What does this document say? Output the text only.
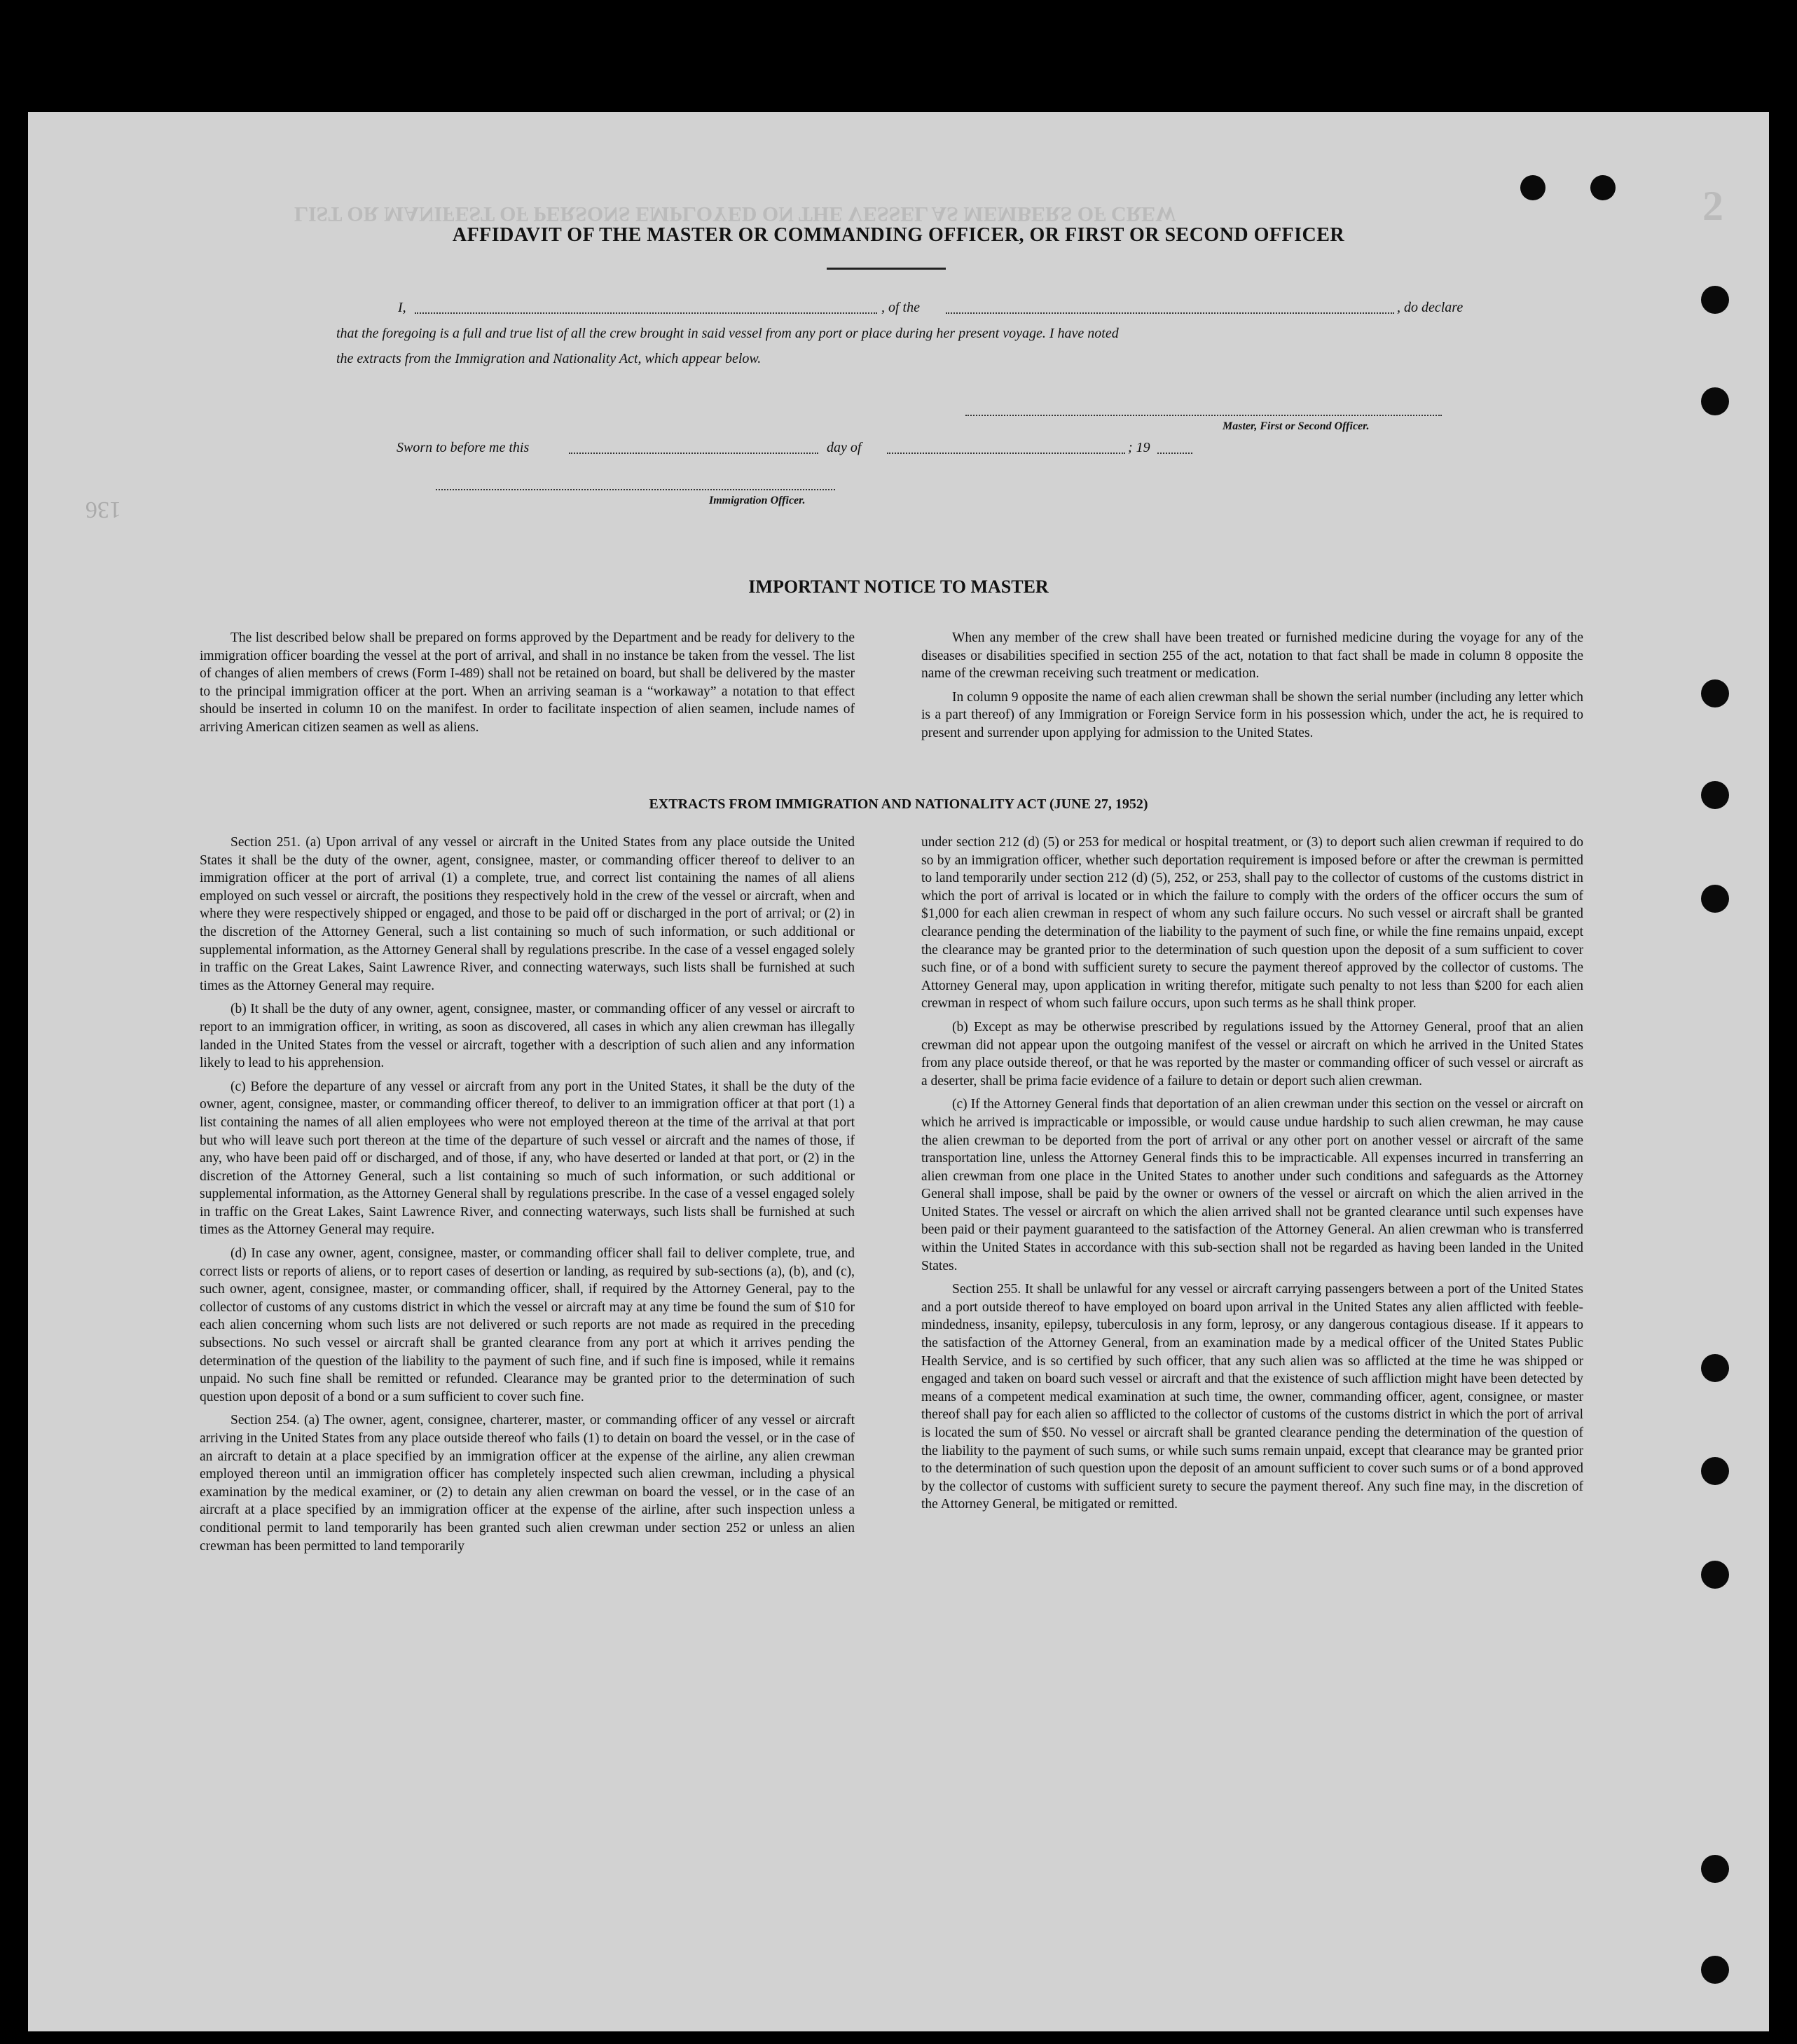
LIST OR MANIFEST OF PERSONS EMPLOYED ON THE VESSEL AS MEMBERS OF CREW	2
136
AFFIDAVIT OF THE MASTER OR COMMANDING OFFICER, OR FIRST OR SECOND OFFICER
I,	, of the	, do declare
that the foregoing is a full and true list of all the crew brought in said vessel from any port or place during her present voyage. I have noted
the extracts from the Immigration and Nationality Act, which appear below.
Master, First or Second Officer.
Sworn to before me this	day of	; 19
Immigration Officer.
IMPORTANT NOTICE TO MASTER

The list described below shall be prepared on forms approved by the Department and be ready for delivery to the immigration officer boarding the vessel at the port of arrival, and shall in no instance be taken from the vessel. The list of changes of alien members of crews (Form I-489) shall not be retained on board, but shall be delivered by the master to the principal immigration officer at the port. When an arriving seaman is a “workaway” a notation to that effect should be inserted in column 10 on the manifest. In order to facilitate inspection of alien seamen, include names of arriving American citizen seamen as well as aliens.

When any member of the crew shall have been treated or furnished medicine during the voyage for any of the diseases or disabilities specified in section 255 of the act, notation to that fact shall be made in column 8 opposite the name of the crewman receiving such treatment or medication.

In column 9 opposite the name of each alien crewman shall be shown the serial number (including any letter which is a part thereof) of any Immigration or Foreign Service form in his possession which, under the act, he is required to present and surrender upon applying for admission to the United States.

EXTRACTS FROM IMMIGRATION AND NATIONALITY ACT (JUNE 27, 1952)

Section 251. (a) Upon arrival of any vessel or aircraft in the United States from any place outside the United States it shall be the duty of the owner, agent, consignee, master, or commanding officer thereof to deliver to an immigration officer at the port of arrival (1) a complete, true, and correct list containing the names of all aliens employed on such vessel or aircraft, the positions they respectively hold in the crew of the vessel or aircraft, when and where they were respectively shipped or engaged, and those to be paid off or discharged in the port of arrival; or (2) in the discretion of the Attorney General, such a list containing so much of such information, or such additional or supplemental information, as the Attorney General shall by regulations prescribe. In the case of a vessel engaged solely in traffic on the Great Lakes, Saint Lawrence River, and connecting waterways, such lists shall be furnished at such times as the Attorney General may require.

(b) It shall be the duty of any owner, agent, consignee, master, or commanding officer of any vessel or aircraft to report to an immigration officer, in writing, as soon as discovered, all cases in which any alien crewman has illegally landed in the United States from the vessel or aircraft, together with a description of such alien and any information likely to lead to his apprehension.

(c) Before the departure of any vessel or aircraft from any port in the United States, it shall be the duty of the owner, agent, consignee, master, or commanding officer thereof, to deliver to an immigration officer at that port (1) a list containing the names of all alien employees who were not employed thereon at the time of the arrival at that port but who will leave such port thereon at the time of the departure of such vessel or aircraft and the names of those, if any, who have been paid off or discharged, and of those, if any, who have deserted or landed at that port, or (2) in the discretion of the Attorney General, such a list containing so much of such information, or such additional or supplemental information, as the Attorney General shall by regulations prescribe. In the case of a vessel engaged solely in traffic on the Great Lakes, Saint Lawrence River, and connecting waterways, such lists shall be furnished at such times as the Attorney General may require.

(d) In case any owner, agent, consignee, master, or commanding officer shall fail to deliver complete, true, and correct lists or reports of aliens, or to report cases of desertion or landing, as required by sub-sections (a), (b), and (c), such owner, agent, consignee, master, or commanding officer, shall, if required by the Attorney General, pay to the collector of customs of any customs district in which the vessel or aircraft may at any time be found the sum of $10 for each alien concerning whom such lists are not delivered or such reports are not made as required in the preceding subsections. No such vessel or aircraft shall be granted clearance from any port at which it arrives pending the determination of the question of the liability to the payment of such fine, and if such fine is imposed, while it remains unpaid. No such fine shall be remitted or refunded. Clearance may be granted prior to the determination of such question upon deposit of a bond or a sum sufficient to cover such fine.

Section 254. (a) The owner, agent, consignee, charterer, master, or commanding officer of any vessel or aircraft arriving in the United States from any place outside thereof who fails (1) to detain on board the vessel, or in the case of an aircraft to detain at a place specified by an immigration officer at the expense of the airline, any alien crewman employed thereon until an immigration officer has completely inspected such alien crewman, including a physical examination by the medical examiner, or (2) to detain any alien crewman on board the vessel, or in the case of an aircraft at a place specified by an immigration officer at the expense of the airline, after such inspection unless a conditional permit to land temporarily has been granted such alien crewman under section 252 or unless an alien crewman has been permitted to land temporarily

under section 212 (d) (5) or 253 for medical or hospital treatment, or (3) to deport such alien crewman if required to do so by an immigration officer, whether such deportation requirement is imposed before or after the crewman is permitted to land temporarily under section 212 (d) (5), 252, or 253, shall pay to the collector of customs of the customs district in which the port of arrival is located or in which the failure to comply with the orders of the officer occurs the sum of $1,000 for each alien crewman in respect of whom any such failure occurs. No such vessel or aircraft shall be granted clearance pending the determination of the liability to the payment of such fine, or while the fine remains unpaid, except the clearance may be granted prior to the determination of such question upon the deposit of a sum sufficient to cover such fine, or of a bond with sufficient surety to secure the payment thereof approved by the collector of customs. The Attorney General may, upon application in writing therefor, mitigate such penalty to not less than $200 for each alien crewman in respect of whom such failure occurs, upon such terms as he shall think proper.

(b) Except as may be otherwise prescribed by regulations issued by the Attorney General, proof that an alien crewman did not appear upon the outgoing manifest of the vessel or aircraft on which he arrived in the United States from any place outside thereof, or that he was reported by the master or commanding officer of such vessel or aircraft as a deserter, shall be prima facie evidence of a failure to detain or deport such alien crewman.

(c) If the Attorney General finds that deportation of an alien crewman under this section on the vessel or aircraft on which he arrived is impracticable or impossible, or would cause undue hardship to such alien crewman, he may cause the alien crewman to be deported from the port of arrival or any other port on another vessel or aircraft of the same transportation line, unless the Attorney General finds this to be impracticable. All expenses incurred in transferring an alien crewman from one place in the United States to another under such conditions and safeguards as the Attorney General shall impose, shall be paid by the owner or owners of the vessel or aircraft on which the alien arrived in the United States. The vessel or aircraft on which the alien arrived shall not be granted clearance until such expenses have been paid or their payment guaranteed to the satisfaction of the Attorney General. An alien crewman who is transferred within the United States in accordance with this sub-section shall not be regarded as having been landed in the United States.

Section 255. It shall be unlawful for any vessel or aircraft carrying passengers between a port of the United States and a port outside thereof to have employed on board upon arrival in the United States any alien afflicted with feeble-mindedness, insanity, epilepsy, tuberculosis in any form, leprosy, or any dangerous contagious disease. If it appears to the satisfaction of the Attorney General, from an examination made by a medical officer of the United States Public Health Service, and is so certified by such officer, that any such alien was so afflicted at the time he was shipped or engaged and taken on board such vessel or aircraft and that the existence of such affliction might have been detected by means of a competent medical examination at such time, the owner, commanding officer, agent, consignee, or master thereof shall pay for each alien so afflicted to the collector of customs of the customs district in which the port of arrival is located the sum of $50. No vessel or aircraft shall be granted clearance pending the determination of the question of the liability to the payment of such sums, or while such sums remain unpaid, except that clearance may be granted prior to the determination of such question upon the deposit of an amount sufficient to cover such sums or of a bond approved by the collector of customs with sufficient surety to secure the payment thereof. Any such fine may, in the discretion of the Attorney General, be mitigated or remitted.
